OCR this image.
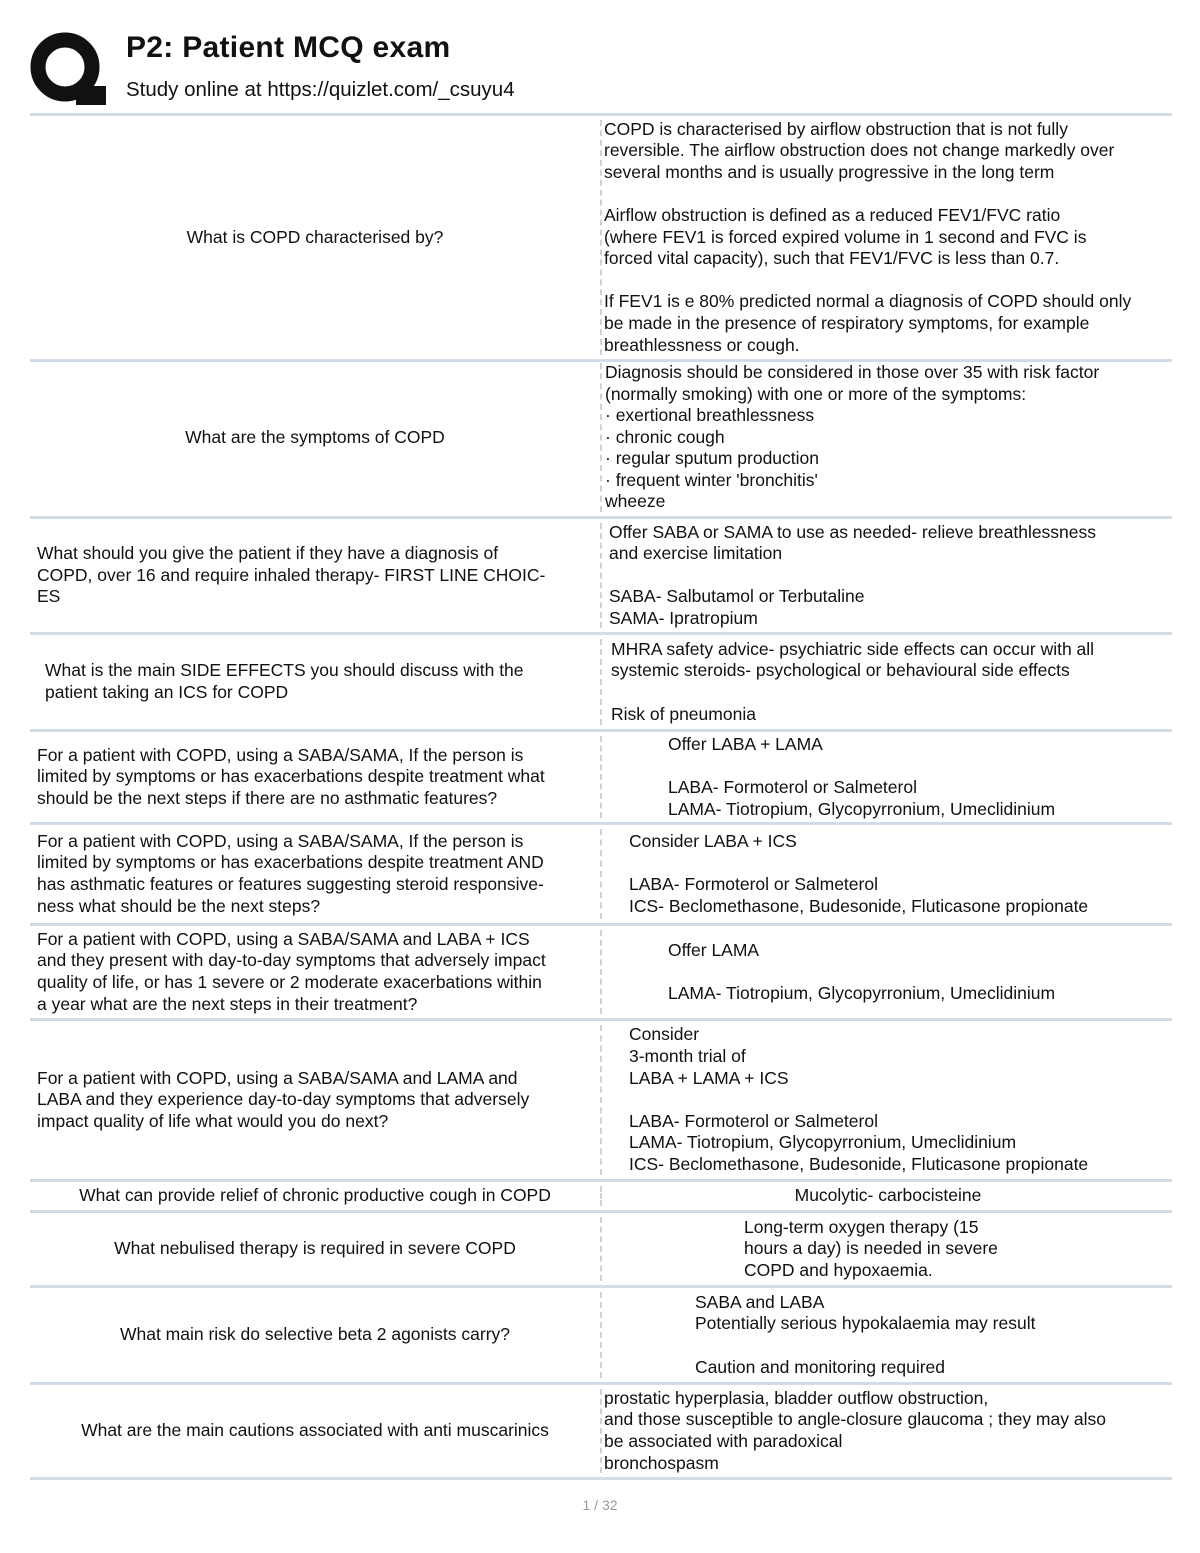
P2: Patient MCQ exam
Study online at https://quizlet.com/_csuyu4
What is COPD characterised by?
COPD is characterised by airflow obstruction that is not fully
reversible. The airflow obstruction does not change markedly over
several months and is usually progressive in the long term

Airflow obstruction is defined as a reduced FEV1/FVC ratio
(where FEV1 is forced expired volume in 1 second and FVC is
forced vital capacity), such that FEV1/FVC is less than 0.7.

If FEV1 is e 80% predicted normal a diagnosis of COPD should only
be made in the presence of respiratory symptoms, for example
breathlessness or cough.
What are the symptoms of COPD
Diagnosis should be considered in those over 35 with risk factor
(normally smoking) with one or more of the symptoms:
· exertional breathlessness
· chronic cough
· regular sputum production
· frequent winter 'bronchitis'
wheeze
What should you give the patient if they have a diagnosis of
COPD, over 16 and require inhaled therapy- FIRST LINE CHOIC-
ES
Offer SABA or SAMA to use as needed- relieve breathlessness
and exercise limitation

SABA- Salbutamol or Terbutaline
SAMA- Ipratropium
What is the main SIDE EFFECTS you should discuss with the
patient taking an ICS for COPD
MHRA safety advice- psychiatric side effects can occur with all
systemic steroids- psychological or behavioural side effects

Risk of pneumonia
For a patient with COPD, using a SABA/SAMA, If the person is
limited by symptoms or has exacerbations despite treatment what
should be the next steps if there are no asthmatic features?
Offer LABA + LAMA

LABA- Formoterol or Salmeterol
LAMA- Tiotropium, Glycopyrronium, Umeclidinium
For a patient with COPD, using a SABA/SAMA, If the person is
limited by symptoms or has exacerbations despite treatment AND
has asthmatic features or features suggesting steroid responsive-
ness what should be the next steps?
Consider LABA + ICS

LABA- Formoterol or Salmeterol
ICS- Beclomethasone, Budesonide, Fluticasone propionate
For a patient with COPD, using a SABA/SAMA and LABA + ICS
and they present with day-to-day symptoms that adversely impact
quality of life, or has 1 severe or 2 moderate exacerbations within
a year what are the next steps in their treatment?
Offer LAMA

LAMA- Tiotropium, Glycopyrronium, Umeclidinium
For a patient with COPD, using a SABA/SAMA and LAMA and
LABA and they experience day-to-day symptoms that adversely
impact quality of life what would you do next?
Consider
3-month trial of
LABA + LAMA + ICS

LABA- Formoterol or Salmeterol
LAMA- Tiotropium, Glycopyrronium, Umeclidinium
ICS- Beclomethasone, Budesonide, Fluticasone propionate
What can provide relief of chronic productive cough in COPD	Mucolytic- carbocisteine
What nebulised therapy is required in severe COPD
Long-term oxygen therapy (15
hours a day) is needed in severe
COPD and hypoxaemia.
What main risk do selective beta 2 agonists carry?
SABA and LABA
Potentially serious hypokalaemia may result

Caution and monitoring required
What are the main cautions associated with anti muscarinics
prostatic hyperplasia, bladder outflow obstruction,
and those susceptible to angle-closure glaucoma ; they may also
be associated with paradoxical
bronchospasm
1 / 32
